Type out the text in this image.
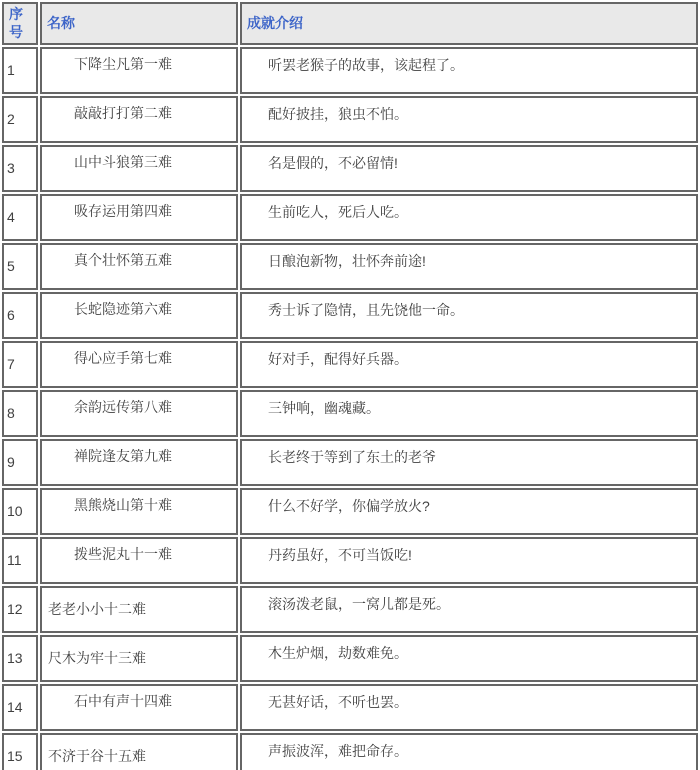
序号	名称	成就介绍
1	下降尘凡第一难	听罢老猴子的故事，该起程了。
2	敲敲打打第二难	配好披挂，狼虫不怕。
3	山中斗狼第三难	名是假的，不必留情!
4	吸存运用第四难	生前吃人，死后人吃。
5	真个壮怀第五难	日酿泡新物，壮怀奔前途!
6	长蛇隐迹第六难	秀士诉了隐情，且先饶他一命。
7	得心应手第七难	好对手，配得好兵器。
8	余韵远传第八难	三钟响，幽魂藏。
9	禅院逢友第九难	长老终于等到了东土的老爷
10	黑熊烧山第十难	什么不好学，你偏学放火?
11	拨些泥丸十一难	丹药虽好，不可当饭吃!
12	老老小小十二难	滚汤泼老鼠，一窝儿都是死。
13	尺木为牢十三难	木生炉烟，劫数难免。
14	石中有声十四难	无甚好话，不听也罢。
15	不济于谷十五难	声振波浑，难把命存。
